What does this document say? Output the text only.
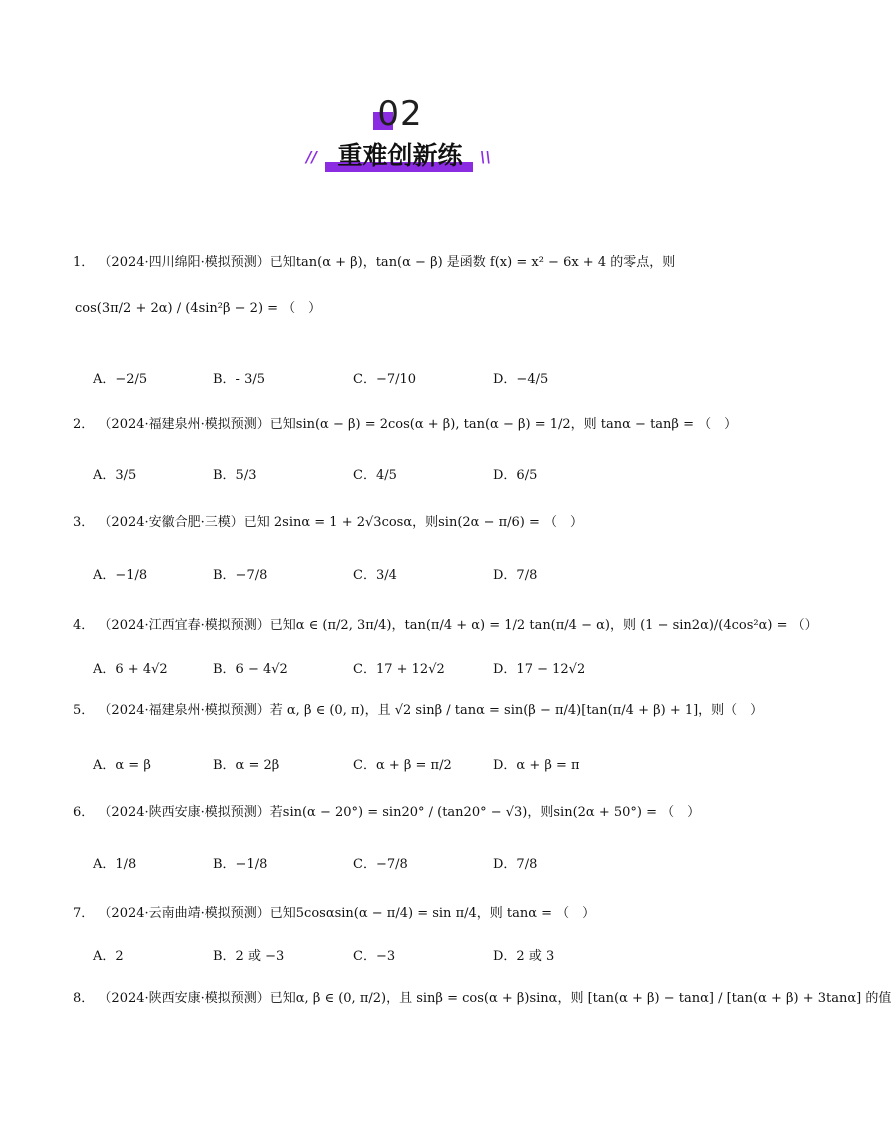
02
重难创新练
//	\\
1． （2024·四川绵阳·模拟预测）已知tan(α + β)，tan(α − β) 是函数 f(x) = x² − 6x + 4 的零点，则
cos(3π/2 + 2α) / (4sin²β − 2) = （　）
A．−2/5	B．- 3/5	C．−7/10	D．−4/5
2． （2024·福建泉州·模拟预测）已知sin(α − β) = 2cos(α + β), tan(α − β) = 1/2，则 tanα − tanβ = （　）
A．3/5	B．5/3	C．4/5	D．6/5
3． （2024·安徽合肥·三模）已知 2sinα = 1 + 2√3cosα，则sin(2α − π/6) = （　）
A．−1/8	B．−7/8	C．3/4	D．7/8
4． （2024·江西宜春·模拟预测）已知α ∈ (π/2, 3π/4)，tan(π/4 + α) = 1/2 tan(π/4 − α)，则 (1 − sin2α)/(4cos²α) = （）
A．6 + 4√2	B．6 − 4√2	C．17 + 12√2	D．17 − 12√2
5． （2024·福建泉州·模拟预测）若 α, β ∈ (0, π)，且 √2 sinβ / tanα = sin(β − π/4)[tan(π/4 + β) + 1]，则（　）
A．α = β	B．α = 2β	C．α + β = π/2	D．α + β = π
6． （2024·陕西安康·模拟预测）若sin(α − 20°) = sin20° / (tan20° − √3)，则sin(2α + 50°) = （　）
A．1/8	B．−1/8	C．−7/8	D．7/8
7． （2024·云南曲靖·模拟预测）已知5cosαsin(α − π/4) = sin π/4，则 tanα = （　）
A．2	B．2 或 −3	C．−3	D．2 或 3
8． （2024·陕西安康·模拟预测）已知α, β ∈ (0, π/2)，且 sinβ = cos(α + β)sinα，则 [tan(α + β) − tanα] / [tan(α + β) + 3tanα] 的值
